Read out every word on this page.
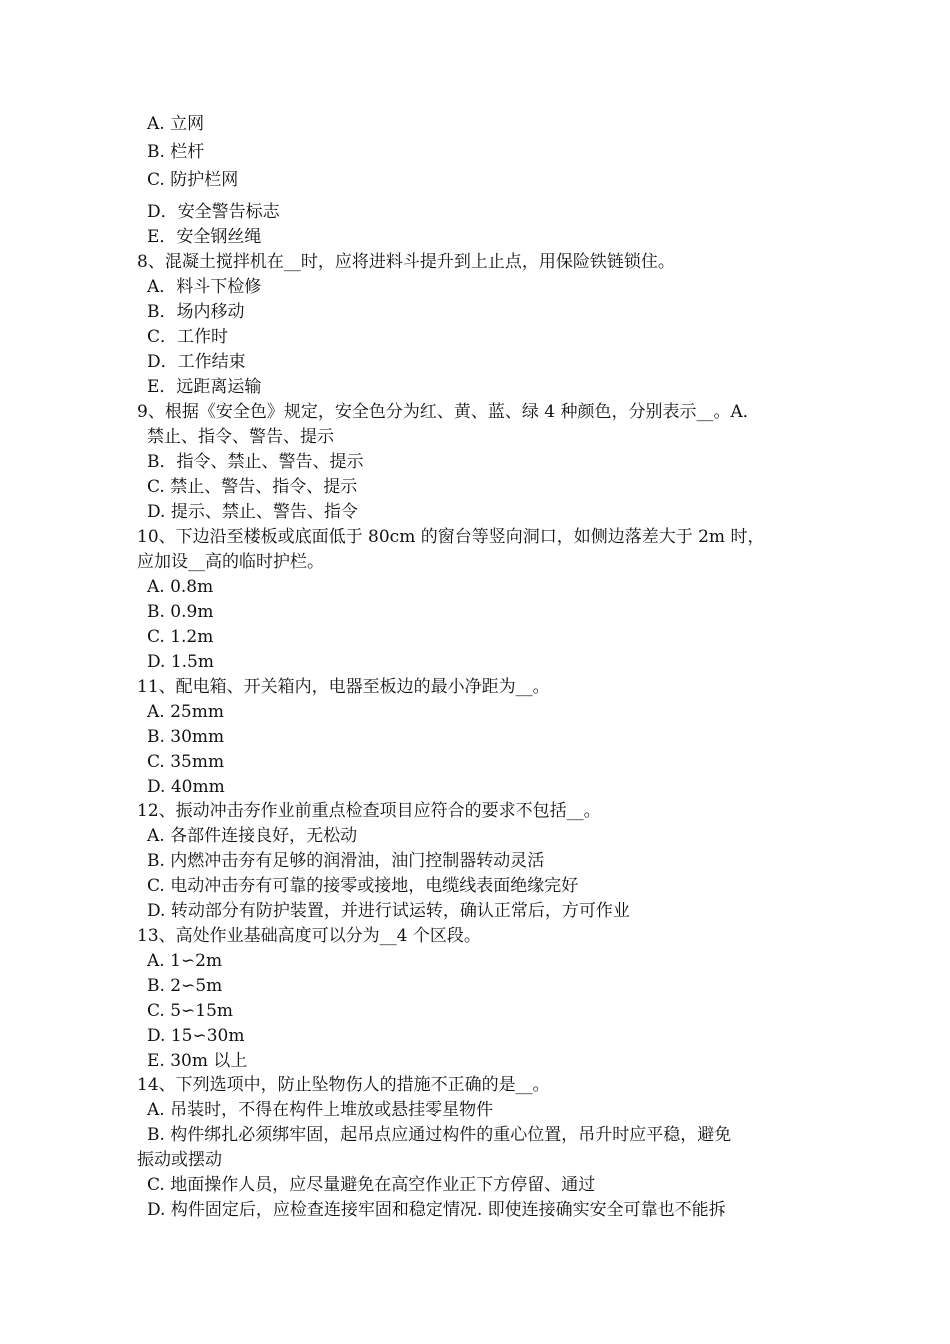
A. 立网
B. 栏杆
C. 防护栏网
D．安全警告标志
E．安全钢丝绳
8、混凝土搅拌机在__时，应将进料斗提升到上止点，用保险铁链锁住。
A．料斗下检修
B．场内移动
C．工作时
D．工作结束
E．远距离运输
9、根据《安全色》规定，安全色分为红、黄、蓝、绿 4 种颜色，分别表示__。A．
禁止、指令、警告、提示
B．指令、禁止、警告、提示
C. 禁止、警告、指令、提示
D. 提示、禁止、警告、指令
10、下边沿至楼板或底面低于 80cm 的窗台等竖向洞口，如侧边落差大于 2m 时，
应加设__高的临时护栏。
A. 0.8m
B. 0.9m
C. 1.2m
D. 1.5m
11、配电箱、开关箱内，电器至板边的最小净距为__。
A. 25mm
B. 30mm
C. 35mm
D. 40mm
12、振动冲击夯作业前重点检查项目应符合的要求不包括__。
A. 各部件连接良好，无松动
B. 内燃冲击夯有足够的润滑油，油门控制器转动灵活
C. 电动冲击夯有可靠的接零或接地，电缆线表面绝缘完好
D. 转动部分有防护装置，并进行试运转，确认正常后，方可作业
13、高处作业基础高度可以分为__4 个区段。
A. 1∽2m
B. 2∽5m
C. 5∽15m
D. 15∽30m
E. 30m 以上
14、下列选项中，防止坠物伤人的措施不正确的是__。
A. 吊装时，不得在构件上堆放或悬挂零星物件
B. 构件绑扎必须绑牢固，起吊点应通过构件的重心位置，吊升时应平稳，避免
振动或摆动
C. 地面操作人员，应尽量避免在高空作业正下方停留、通过
D. 构件固定后，应检查连接牢固和稳定情况. 即使连接确实安全可靠也不能拆
